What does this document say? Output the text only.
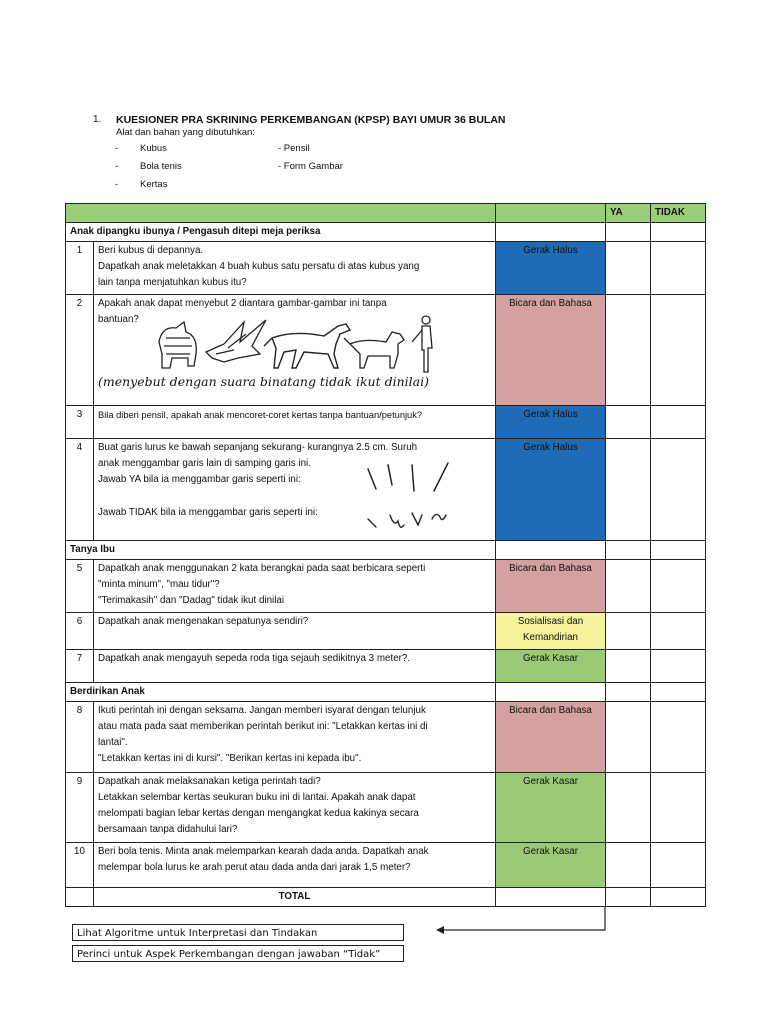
1. KUESIONER PRA SKRINING PERKEMBANGAN (KPSP) BAYI UMUR 36 BULAN
Alat dan bahan yang dibutuhkan:
- Kubus	- Pensil
- Bola tenis	- Form Gambar
- Kertas
			YA	TIDAK
Anak dipangku ibunya / Pengasuh ditepi meja periksa				
1	Beri kubus di depannya.
Dapatkah anak meletakkan 4 buah kubus satu persatu di atas kubus yang
lain tanpa menjatuhkan kubus itu?	Gerak Halus		
2	Apakah anak dapat menyebut 2 diantara gambar-gambar ini tanpa
bantuan?
(menyebut dengan suara binatang tidak ikut dinilai)	Bicara dan Bahasa		
3	Bila diberi pensil, apakah anak mencoret-coret kertas tanpa bantuan/petunjuk?	Gerak Halus		
4	Buat garis lurus ke bawah sepanjang sekurang- kurangnya 2.5 cm. Suruh
anak menggambar garis lain di samping garis ini.
Jawab YA bila ia menggambar garis seperti ini:
Jawab TIDAK bila ia menggambar garis seperti ini:	Gerak Halus		
Tanya Ibu				
5	Dapatkah anak menggunakan 2 kata berangkai pada saat berbicara seperti
"minta minum", "mau tidur"?
"Terimakasih" dan "Dadag" tidak ikut dinilai	Bicara dan Bahasa		
6	Dapatkah anak mengenakan sepatunya sendiri?	Sosialisasi dan
Kemandirian		

7	Dapatkah anak mengayuh sepeda roda tiga sejauh sedikitnya 3 meter?.	Gerak Kasar		
Berdirikan Anak				
8	Ikuti perintah ini dengan seksama. Jangan memberi isyarat dengan telunjuk
atau mata pada saat memberikan perintah berikut ini: "Letakkan kertas ini di
lantai".
"Letakkan kertas ini di kursi". "Berikan kertas ini kepada ibu".	Bicara dan Bahasa		
9	Dapatkah anak melaksanakan ketiga perintah tadi?
Letakkan selembar kertas seukuran buku ini di lantai. Apakah anak dapat
melompati bagian lebar kertas dengan mengangkat kedua kakinya secara
bersamaan tanpa didahului lari?	Gerak Kasar		
10	Beri bola tenis. Minta anak melemparkan kearah dada anda. Dapatkah anak
melempar bola lurus ke arah perut atau dada anda dari jarak 1,5 meter?	Gerak Kasar		
	TOTAL			
Lihat Algoritme untuk Interpretasi dan Tindakan
Perinci untuk Aspek Perkembangan dengan jawaban “Tidak”
